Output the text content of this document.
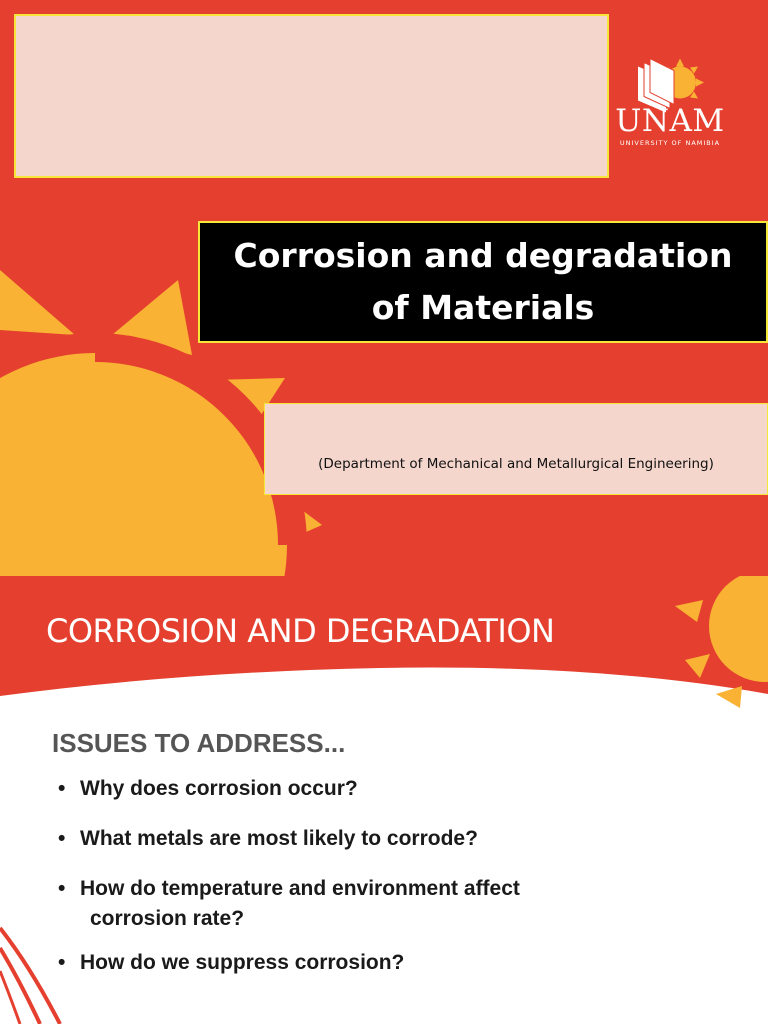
UNAM
UNIVERSITY OF NAMIBIA
Corrosion and degradation
of Materials
(Department of Mechanical and Metallurgical Engineering)
CORROSION AND DEGRADATION
ISSUES TO ADDRESS...
• Why does corrosion occur?
• What metals are most likely to corrode?
• How do temperature and environment affect
corrosion rate?
• How do we suppress corrosion?
